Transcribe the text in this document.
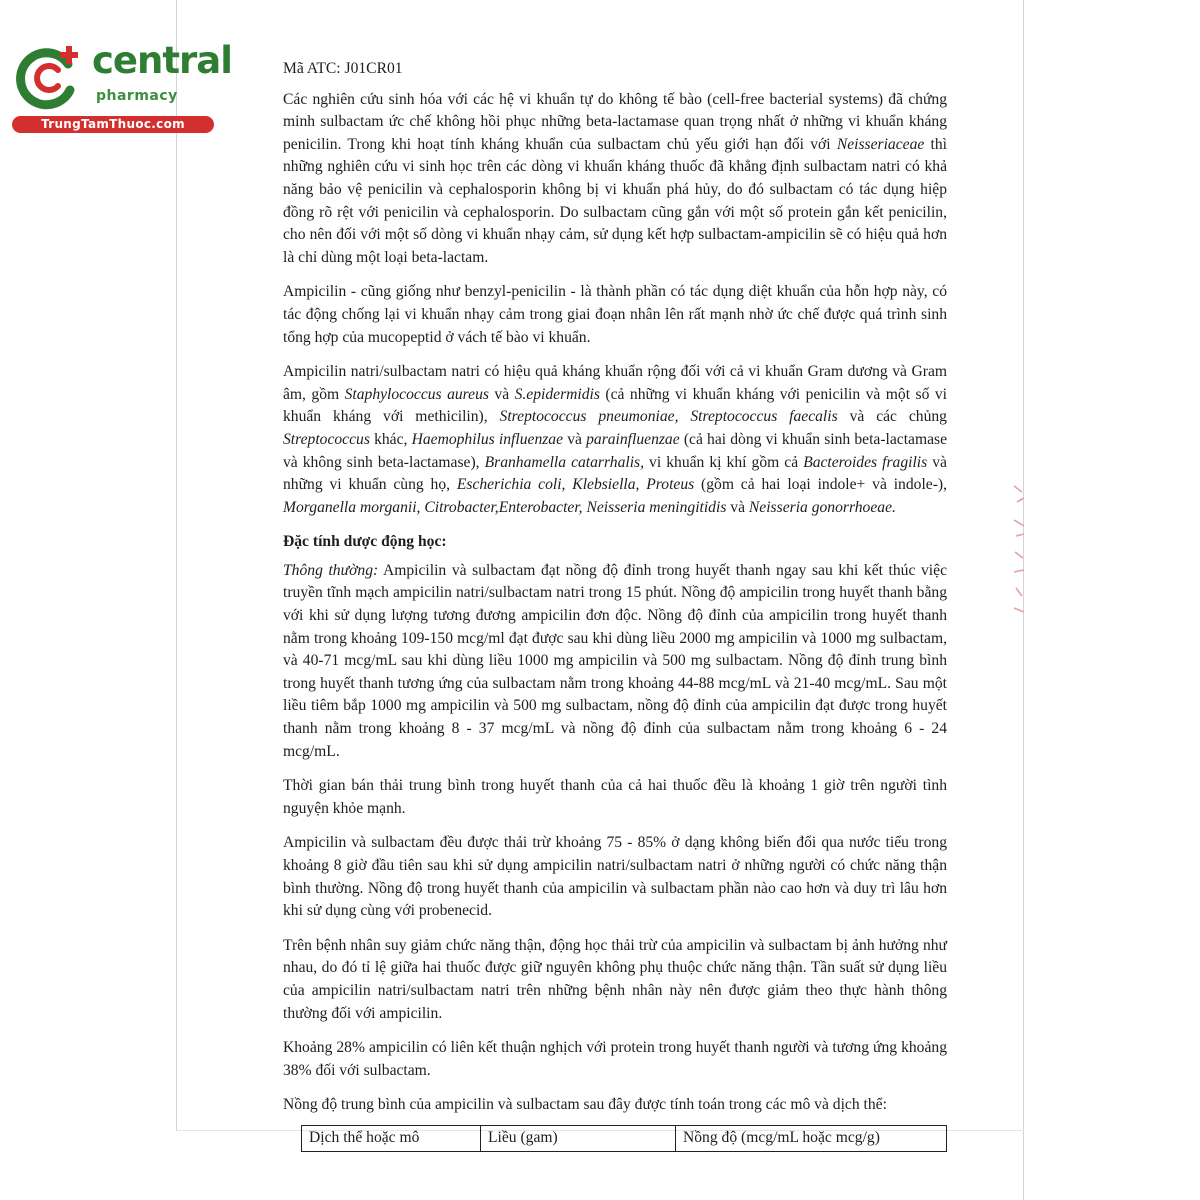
central
pharmacy
TrungTamThuoc.com

Mã ATC: J01CR01

Các nghiên cứu sinh hóa với các hệ vi khuẩn tự do không tế bào (cell-free bacterial systems) đã chứng minh sulbactam ức chế không hồi phục những beta-lactamase quan trọng nhất ở những vi khuẩn kháng penicilin. Trong khi hoạt tính kháng khuẩn của sulbactam chủ yếu giới hạn đối với Neisseriaceae thì những nghiên cứu vi sinh học trên các dòng vi khuẩn kháng thuốc đã khẳng định sulbactam natri có khả năng bảo vệ penicilin và cephalosporin không bị vi khuẩn phá hủy, do đó sulbactam có tác dụng hiệp đồng rõ rệt với penicilin và cephalosporin. Do sulbactam cũng gắn với một số protein gắn kết penicilin, cho nên đối với một số dòng vi khuẩn nhạy cảm, sử dụng kết hợp sulbactam-ampicilin sẽ có hiệu quả hơn là chỉ dùng một loại beta-lactam.

Ampicilin - cũng giống như benzyl-penicilin - là thành phần có tác dụng diệt khuẩn của hỗn hợp này, có tác động chống lại vi khuẩn nhạy cảm trong giai đoạn nhân lên rất mạnh nhờ ức chế được quá trình sinh tổng hợp của mucopeptid ở vách tế bào vi khuẩn.

Ampicilin natri/sulbactam natri có hiệu quả kháng khuẩn rộng đối với cả vi khuẩn Gram dương và Gram âm, gồm Staphylococcus aureus và S.epidermidis (cả những vi khuẩn kháng với penicilin và một số vi khuẩn kháng với methicilin), Streptococcus pneumoniae, Streptococcus faecalis và các chủng Streptococcus khác, Haemophilus influenzae và parainfluenzae (cả hai dòng vi khuẩn sinh beta-lactamase và không sinh beta-lactamase), Branhamella catarrhalis, vi khuẩn kị khí gồm cả Bacteroides fragilis và những vi khuẩn cùng họ, Escherichia coli, Klebsiella, Proteus (gồm cả hai loại indole+ và indole-), Morganella morganii, Citrobacter,Enterobacter, Neisseria meningitidis và Neisseria gonorrhoeae.

Đặc tính dược động học:

Thông thường: Ampicilin và sulbactam đạt nồng độ đỉnh trong huyết thanh ngay sau khi kết thúc việc truyền tĩnh mạch ampicilin natri/sulbactam natri trong 15 phút. Nồng độ ampicilin trong huyết thanh bằng với khi sử dụng lượng tương đương ampicilin đơn độc. Nồng độ đỉnh của ampicilin trong huyết thanh nằm trong khoảng 109-150 mcg/ml đạt được sau khi dùng liều 2000 mg ampicilin và 1000 mg sulbactam, và 40-71 mcg/mL sau khi dùng liều 1000 mg ampicilin và 500 mg sulbactam. Nồng độ đỉnh trung bình trong huyết thanh tương ứng của sulbactam nằm trong khoảng 44-88 mcg/mL và 21-40 mcg/mL. Sau một liều tiêm bắp 1000 mg ampicilin và 500 mg sulbactam, nồng độ đỉnh của ampicilin đạt được trong huyết thanh nằm trong khoảng 8 - 37 mcg/mL và nồng độ đỉnh của sulbactam nằm trong khoảng 6 - 24 mcg/mL.

Thời gian bán thải trung bình trong huyết thanh của cả hai thuốc đều là khoảng 1 giờ trên người tình nguyện khỏe mạnh.

Ampicilin và sulbactam đều được thải trừ khoảng 75 - 85% ở dạng không biến đổi qua nước tiểu trong khoảng 8 giờ đầu tiên sau khi sử dụng ampicilin natri/sulbactam natri ở những người có chức năng thận bình thường. Nồng độ trong huyết thanh của ampicilin và sulbactam phần nào cao hơn và duy trì lâu hơn khi sử dụng cùng với probenecid.

Trên bệnh nhân suy giảm chức năng thận, động học thải trừ của ampicilin và sulbactam bị ảnh hưởng như nhau, do đó tỉ lệ giữa hai thuốc được giữ nguyên không phụ thuộc chức năng thận. Tần suất sử dụng liều của ampicilin natri/sulbactam natri trên những bệnh nhân này nên được giảm theo thực hành thông thường đối với ampicilin.

Khoảng 28% ampicilin có liên kết thuận nghịch với protein trong huyết thanh người và tương ứng khoảng 38% đối với sulbactam.

Nồng độ trung bình của ampicilin và sulbactam sau đây được tính toán trong các mô và dịch thể:

Dịch thể hoặc mô	Liều (gam)	Nồng độ (mcg/mL hoặc mcg/g)
